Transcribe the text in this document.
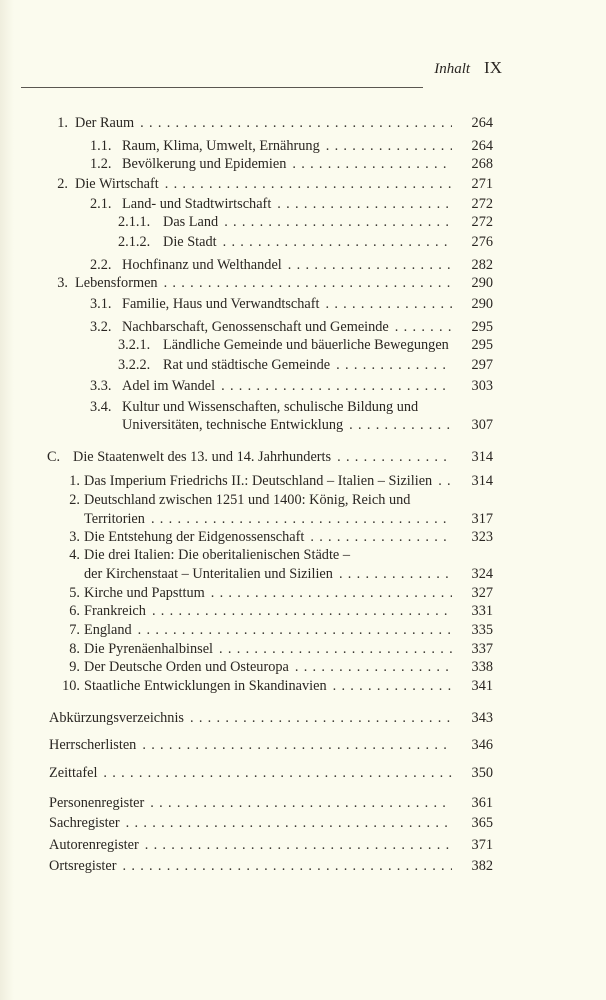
Inhalt IX
1. Der Raum . . .	264
1.1. Raum, Klima, Umwelt, Ernährung . . .	264
1.2. Bevölkerung und Epidemien . . .	268
2. Die Wirtschaft . . .	271
2.1. Land- und Stadtwirtschaft . . .	272
2.1.1. Das Land . . .	272
2.1.2. Die Stadt . . .	276
2.2. Hochfinanz und Welthandel . . .	282
3. Lebensformen . . .	290
3.1. Familie, Haus und Verwandtschaft . . .	290
3.2. Nachbarschaft, Genossenschaft und Gemeinde . . .	295
3.2.1. Ländliche Gemeinde und bäuerliche Bewegungen	295
3.2.2. Rat und städtische Gemeinde . . .	297
3.3. Adel im Wandel . . .	303
3.4. Kultur und Wissenschaften, schulische Bildung und
Universitäten, technische Entwicklung . . .	307
C. Die Staatenwelt des 13. und 14. Jahrhunderts . . .	314
1. Das Imperium Friedrichs II.: Deutschland – Italien – Sizilien . . .	314
2. Deutschland zwischen 1251 und 1400: König, Reich und
Territorien . . .	317
3. Die Entstehung der Eidgenossenschaft . . .	323
4. Die drei Italien: Die oberitalienischen Städte –
der Kirchenstaat – Unteritalien und Sizilien . . .	324
5. Kirche und Papsttum . . .	327
6. Frankreich . . .	331
7. England . . .	335
8. Die Pyrenäenhalbinsel . . .	337
9. Der Deutsche Orden und Osteuropa . . .	338
10. Staatliche Entwicklungen in Skandinavien . . .	341
Abkürzungsverzeichnis . . .	343
Herrscherlisten . . .	346
Zeittafel . . .	350
Personenregister . . .	361
Sachregister . . .	365
Autorenregister . . .	371
Ortsregister . . .	382
